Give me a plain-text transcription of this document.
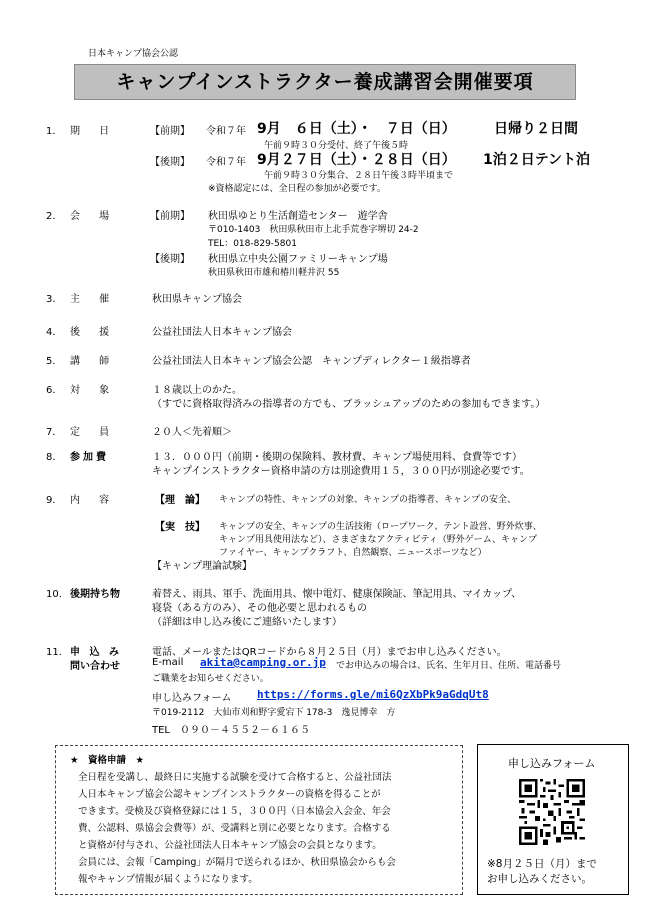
日本キャンプ協会公認
キャンプインストラクター養成講習会開催要項
1． 期 日	【前期】 令和７年 9月　６日（土）・　７日（日）	日帰り２日間
午前９時３０分受付、終了午後５時
【後期】 令和７年 9月２７日（土）・２８日（日） 1泊２日テント泊
午前９時３０分集合、２８日午後３時半頃まで
※資格認定には、全日程の参加が必要です。
2． 会 場	【前期】 秋田県ゆとり生活創造センター　遊学舎
〒010-1403　秋田県秋田市上北手荒巻字堺切 24-2
TEL：018-829-5801
【後期】 秋田県立中央公園ファミリーキャンプ場
秋田県秋田市雄和椿川軽井沢 55
3． 主 催	秋田県キャンプ協会
4． 後 援	公益社団法人日本キャンプ協会
5． 講 師	公益社団法人日本キャンプ協会公認　キャンプディレクター１級指導者
6． 対 象	１８歳以上のかた。
（すでに資格取得済みの指導者の方でも、ブラッシュアップのための参加もできます。）
7． 定 員	２０人＜先着順＞
8． 参加費	１３．０００円（前期・後期の保険料、教材費、キャンプ場使用料、食費等です）
キャンプインストラクター資格申請の方は別途費用１５，３００円が別途必要です。
9． 内 容	【理　論】 キャンプの特性、キャンプの対象、キャンプの指導者、キャンプの安全、
【実　技】 キャンプの安全、キャンプの生活技術（ロープワーク、テント設営、野外炊事、
キャンプ用具使用法など）、さまざまなアクティビティ（野外ゲーム、キャンプ
ファイヤー、キャンプクラフト、自然観察、ニュースポーツなど）
【キャンプ理論試験】
10． 後期持ち物	着替え、雨具、軍手、洗面用具、懐中電灯、健康保険証、筆記用具、マイカップ、
寝袋（ある方のみ）、その他必要と思われるもの
（詳細は申し込み後にご連絡いたします）
11． 申 込 み
問い合わせ
電話、メールまたはQRコードから８月２５日（月）までお申し込みください。
E-mail akita@camping.or.jp でお申込みの場合は、氏名、生年月日、住所、電話番号
ご職業をお知らせください。
申し込みフォーム https://forms.gle/mi6QzXbPk9aGdqUt8
〒019-2112　大仙市刈和野字愛宕下 178-3　逸見博幸　方
TEL　０９０－４５５２－６１６５
★　資格申請　★
全日程を受講し、最終日に実施する試験を受けて合格すると、公益社団法
人日本キャンプ協会公認キャンプインストラクターの資格を得ることが
できます。受検及び資格登録には１５，３００円（日本協会入会金、年会
費、公認料、県協会会費等）が、受講料と別に必要となります。合格する
と資格が付与され、公益社団法人日本キャンプ協会の会員となります。
会員には、会報「Camping」が隔月で送られるほか、秋田県協会からも会
報やキャンプ情報が届くようになります。
申し込みフォーム
※8月２５日（月）まで
お申し込みください。
